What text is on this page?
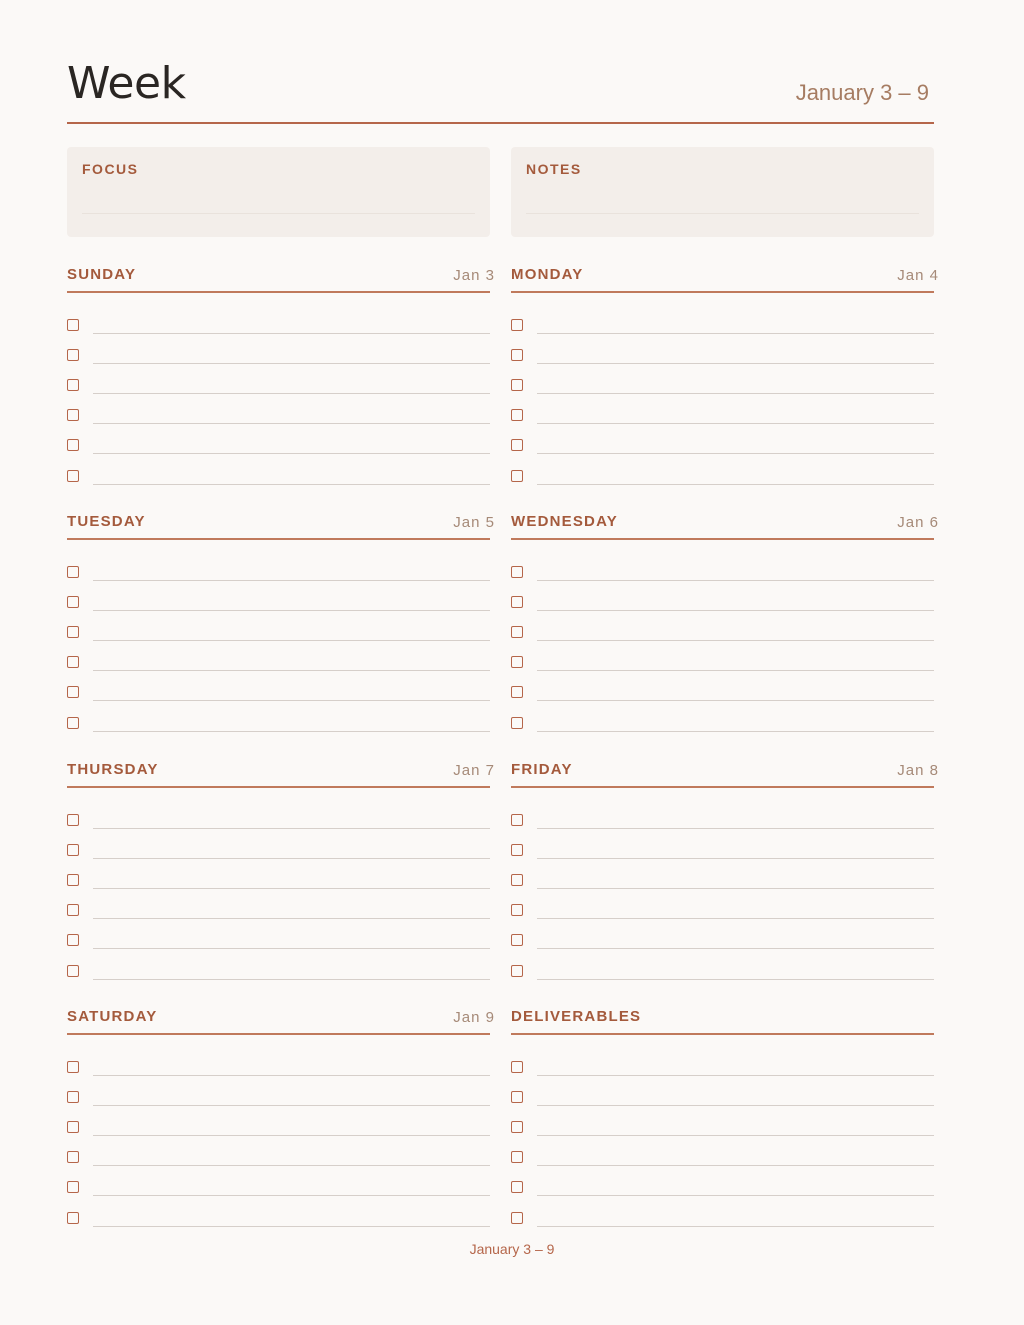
Week	January 3 – 9
FOCUS	NOTES
SUNDAY	Jan 3 MONDAY	Jan 4
TUESDAY	Jan 5 WEDNESDAY	Jan 6
THURSDAY	Jan 7 FRIDAY	Jan 8
SATURDAY	Jan 9 DELIVERABLES
January 3 – 9
